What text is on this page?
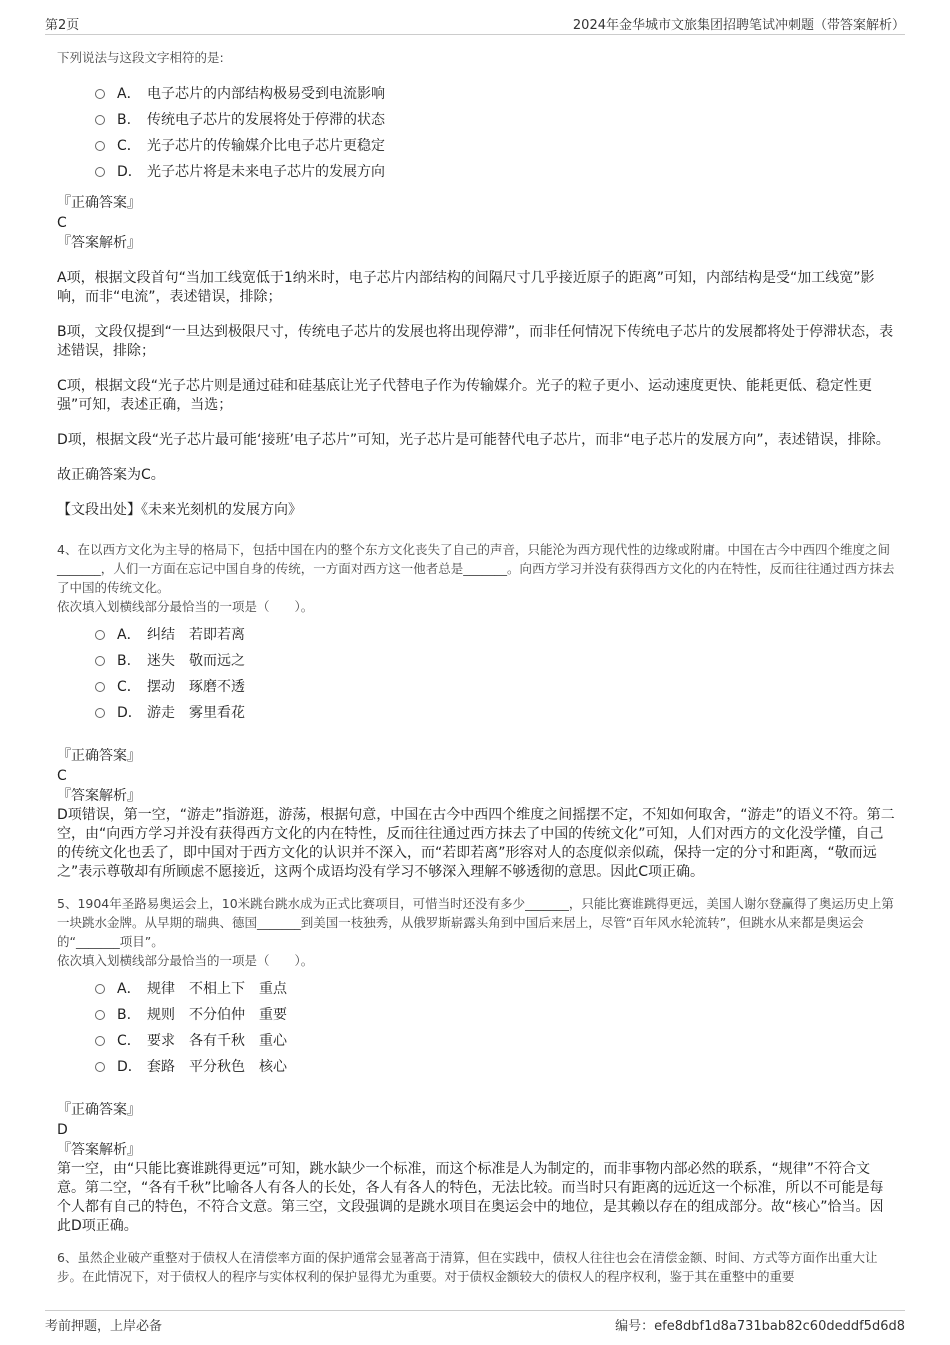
第2页	2024年金华城市文旅集团招聘笔试冲刺题（带答案解析）

下列说法与这段文字相符的是:

A． 电子芯片的内部结构极易受到电流影响
B.	传统电子芯片的发展将处于停滞的状态
C． 光子芯片的传输媒介比电子芯片更稳定
D． 光子芯片将是未来电子芯片的发展方向
『正确答案』
C
『答案解析』

A项，根据文段首句“当加工线宽低于1纳米时，电子芯片内部结构的间隔尺寸几乎接近原子的距离”可知，内部结构是受“加工线宽”影响，而非“电流”，表述错误，排除；

B项，文段仅提到“一旦达到极限尺寸，传统电子芯片的发展也将出现停滞”，而非任何情况下传统电子芯片的发展都将处于停滞状态，表述错误，排除；

C项，根据文段“光子芯片则是通过硅和硅基底让光子代替电子作为传输媒介。光子的粒子更小、运动速度更快、能耗更低、稳定性更强”可知，表述正确，当选；

D项，根据文段“光子芯片最可能‘接班’电子芯片”可知，光子芯片是可能替代电子芯片，而非“电子芯片的发展方向”，表述错误，排除。

故正确答案为C。

【文段出处】《未来光刻机的发展方向》

4、在以西方文化为主导的格局下，包括中国在内的整个东方文化丧失了自己的声音，只能沦为西方现代性的边缘或附庸。中国在古今中西四个维度之间_______，人们一方面在忘记中国自身的传统，一方面对西方这一他者总是_______。向西方学习并没有获得西方文化的内在特性，反而往往通过西方抹去了中国的传统文化。

依次填入划横线部分最恰当的一项是（　　）。

A． 纠结　若即若离
B.	迷失　敬而远之
C． 摆动　琢磨不透
D． 游走　雾里看花
『正确答案』
C
『答案解析』

D项错误，第一空，“游走”指游逛，游荡，根据句意，中国在古今中西四个维度之间摇摆不定，不知如何取舍，“游走”的语义不符。第二空，由“向西方学习并没有获得西方文化的内在特性，反而往往通过西方抹去了中国的传统文化”可知，人们对西方的文化没学懂，自己的传统文化也丢了，即中国对于西方文化的认识并不深入，而“若即若离”形容对人的态度似亲似疏，保持一定的分寸和距离，“敬而远之”表示尊敬却有所顾虑不愿接近，这两个成语均没有学习不够深入理解不够透彻的意思。因此C项正确。

5、1904年圣路易奥运会上，10米跳台跳水成为正式比赛项目，可惜当时还没有多少_______，只能比赛谁跳得更远，美国人谢尔登赢得了奥运历史上第一块跳水金牌。从早期的瑞典、德国_______到美国一枝独秀，从俄罗斯崭露头角到中国后来居上，尽管“百年风水轮流转”，但跳水从来都是奥运会的“_______项目”。

依次填入划横线部分最恰当的一项是（　　）。

A． 规律　不相上下　重点
B.	规则　不分伯仲　重要
C． 要求　各有千秋　重心
D． 套路　平分秋色　核心
『正确答案』
D
『答案解析』

第一空，由“只能比赛谁跳得更远”可知，跳水缺少一个标准，而这个标准是人为制定的，而非事物内部必然的联系，“规律”不符合文意。第二空，“各有千秋”比喻各人有各人的长处，各人有各人的特色，无法比较。而当时只有距离的远近这一个标准，所以不可能是每个人都有自己的特色，不符合文意。第三空，文段强调的是跳水项目在奥运会中的地位，是其赖以存在的组成部分。故“核心”恰当。因此D项正确。

6、虽然企业破产重整对于债权人在清偿率方面的保护通常会显著高于清算，但在实践中，债权人往往也会在清偿金额、时间、方式等方面作出重大让步。在此情况下，对于债权人的程序与实体权利的保护显得尤为重要。对于债权金额较大的债权人的程序权利，鉴于其在重整中的重要

考前押题，上岸必备	编号：efe8dbf1d8a731bab82c60deddf5d6d8
